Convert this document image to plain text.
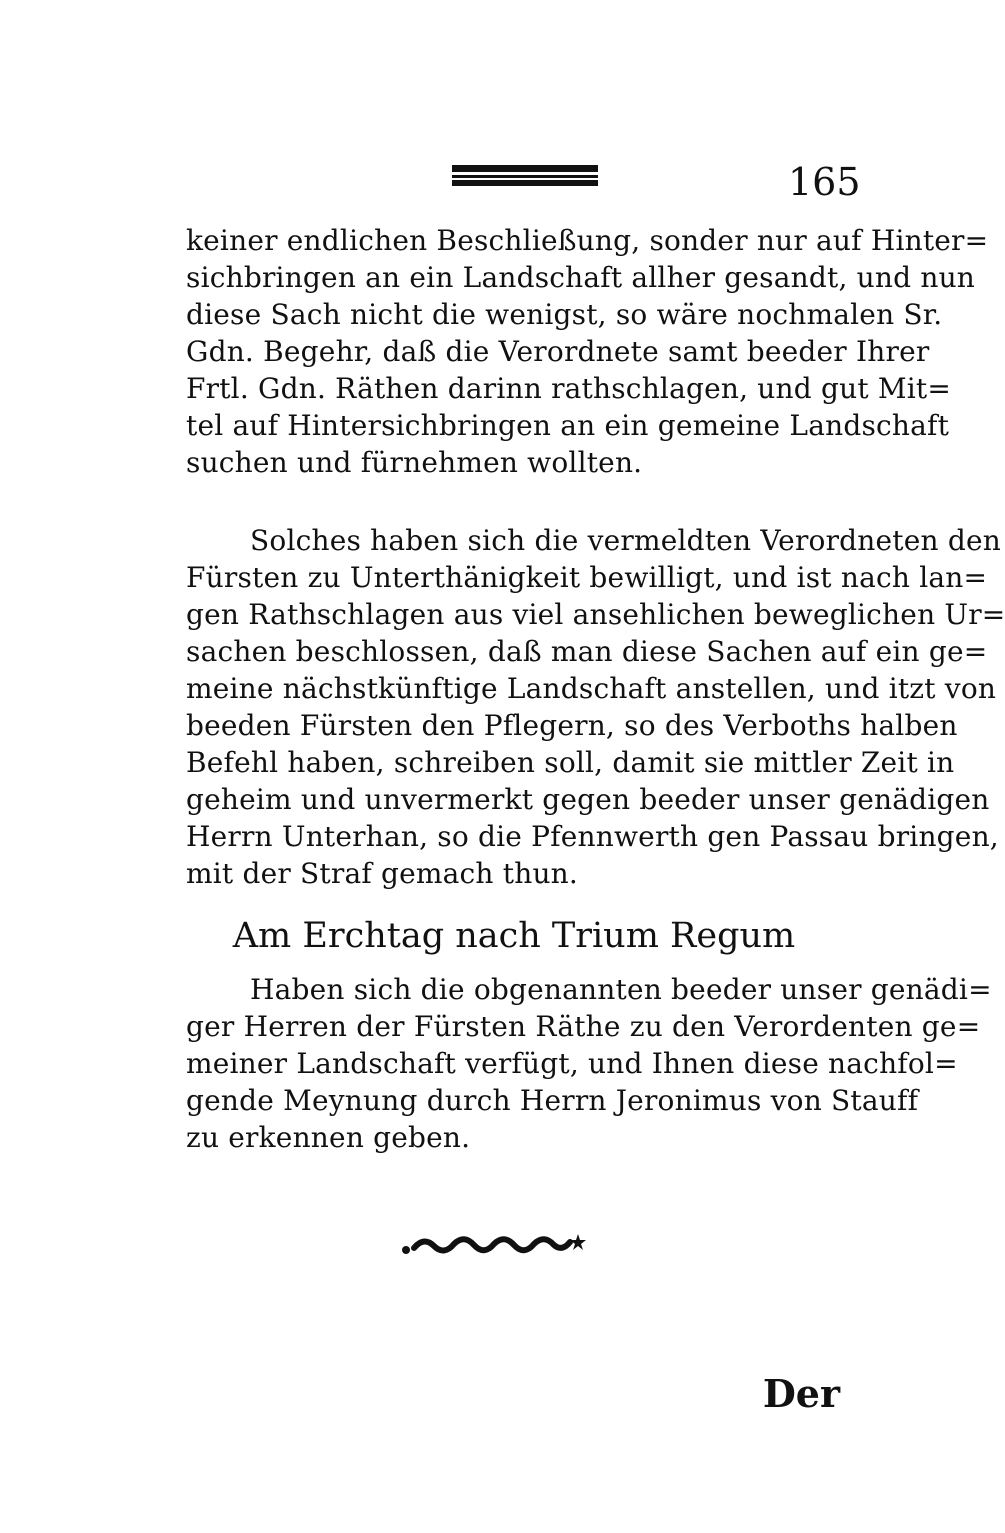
165
keiner endlichen Beschließung, sonder nur auf Hinter=
sichbringen an ein Landschaft allher gesandt, und nun
diese Sach nicht die wenigst, so wäre nochmalen Sr.
Gdn. Begehr, daß die Verordnete samt beeder Ihrer
Frtl. Gdn. Räthen darinn rathschlagen, und gut Mit=
tel auf Hintersichbringen an ein gemeine Landschaft
suchen und fürnehmen wollten.
Solches haben sich die vermeldten Verordneten den
Fürsten zu Unterthänigkeit bewilligt, und ist nach lan=
gen Rathschlagen aus viel ansehlichen beweglichen Ur=
sachen beschlossen, daß man diese Sachen auf ein ge=
meine nächstkünftige Landschaft anstellen, und itzt von
beeden Fürsten den Pflegern, so des Verboths halben
Befehl haben, schreiben soll, damit sie mittler Zeit in
geheim und unvermerkt gegen beeder unser genädigen
Herrn Unterhan, so die Pfennwerth gen Passau bringen,
mit der Straf gemach thun.
Am Erchtag nach Trium Regum
Haben sich die obgenannten beeder unser genädi=
ger Herren der Fürsten Räthe zu den Verordenten ge=
meiner Landschaft verfügt, und Ihnen diese nachfol=
gende Meynung durch Herrn Jeronimus von Stauff
zu erkennen geben.
Der
